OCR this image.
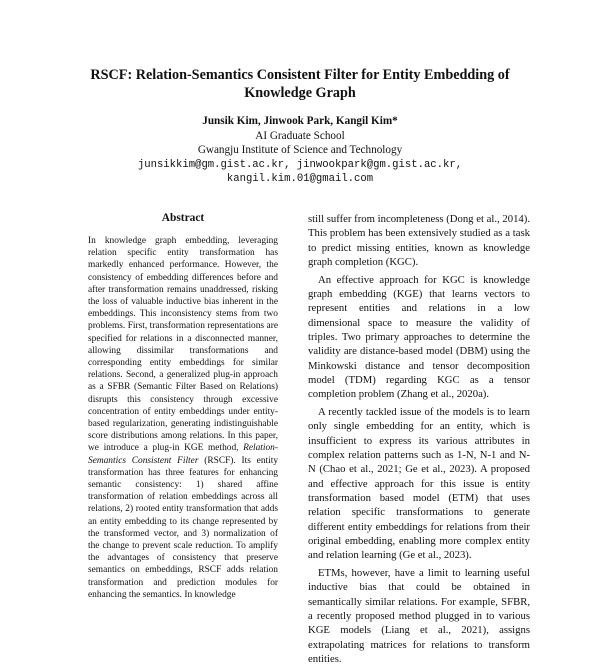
RSCF: Relation-Semantics Consistent Filter for Entity Embedding of Knowledge Graph
Junsik Kim, Jinwook Park, Kangil Kim*
AI Graduate School
Gwangju Institute of Science and Technology
junsikkim@gm.gist.ac.kr, jinwookpark@gm.gist.ac.kr,
kangil.kim.01@gmail.com
Abstract
In knowledge graph embedding, leveraging relation specific entity transformation has markedly enhanced performance. However, the consistency of embedding differences before and after transformation remains unaddressed, risking the loss of valuable inductive bias inherent in the embeddings. This inconsistency stems from two problems. First, transformation representations are specified for relations in a disconnected manner, allowing dissimilar transformations and corresponding entity embeddings for similar relations. Second, a generalized plug-in approach as a SFBR (Semantic Filter Based on Relations) disrupts this consistency through excessive concentration of entity embeddings under entity-based regularization, generating indistinguishable score distributions among relations. In this paper, we introduce a plug-in KGE method, Relation-Semantics Consistent Filter (RSCF). Its entity transformation has three features for enhancing semantic consistency: 1) shared affine transformation of relation embeddings across all relations, 2) rooted entity transformation that adds an entity embedding to its change represented by the transformed vector, and 3) normalization of the change to prevent scale reduction. To amplify the advantages of consistency that preserve semantics on embeddings, RSCF adds relation transformation and prediction modules for enhancing the semantics. In knowledge

still suffer from incompleteness (Dong et al., 2014). This problem has been extensively studied as a task to predict missing entities, known as knowledge graph completion (KGC).

An effective approach for KGC is knowledge graph embedding (KGE) that learns vectors to represent entities and relations in a low dimensional space to measure the validity of triples. Two primary approaches to determine the validity are distance-based model (DBM) using the Minkowski distance and tensor decomposition model (TDM) regarding KGC as a tensor completion problem (Zhang et al., 2020a).

A recently tackled issue of the models is to learn only single embedding for an entity, which is insufficient to express its various attributes in complex relation patterns such as 1-N, N-1 and N-N (Chao et al., 2021; Ge et al., 2023). A proposed and effective approach for this issue is entity transformation based model (ETM) that uses relation specific transformations to generate different entity embeddings for relations from their original embedding, enabling more complex entity and relation learning (Ge et al., 2023).

ETMs, however, have a limit to learning useful inductive bias that could be obtained in semantically similar relations. For example, SFBR, a recently proposed method plugged in to various KGE models (Liang et al., 2021), assigns extrapolating matrices for relations to transform entities.
